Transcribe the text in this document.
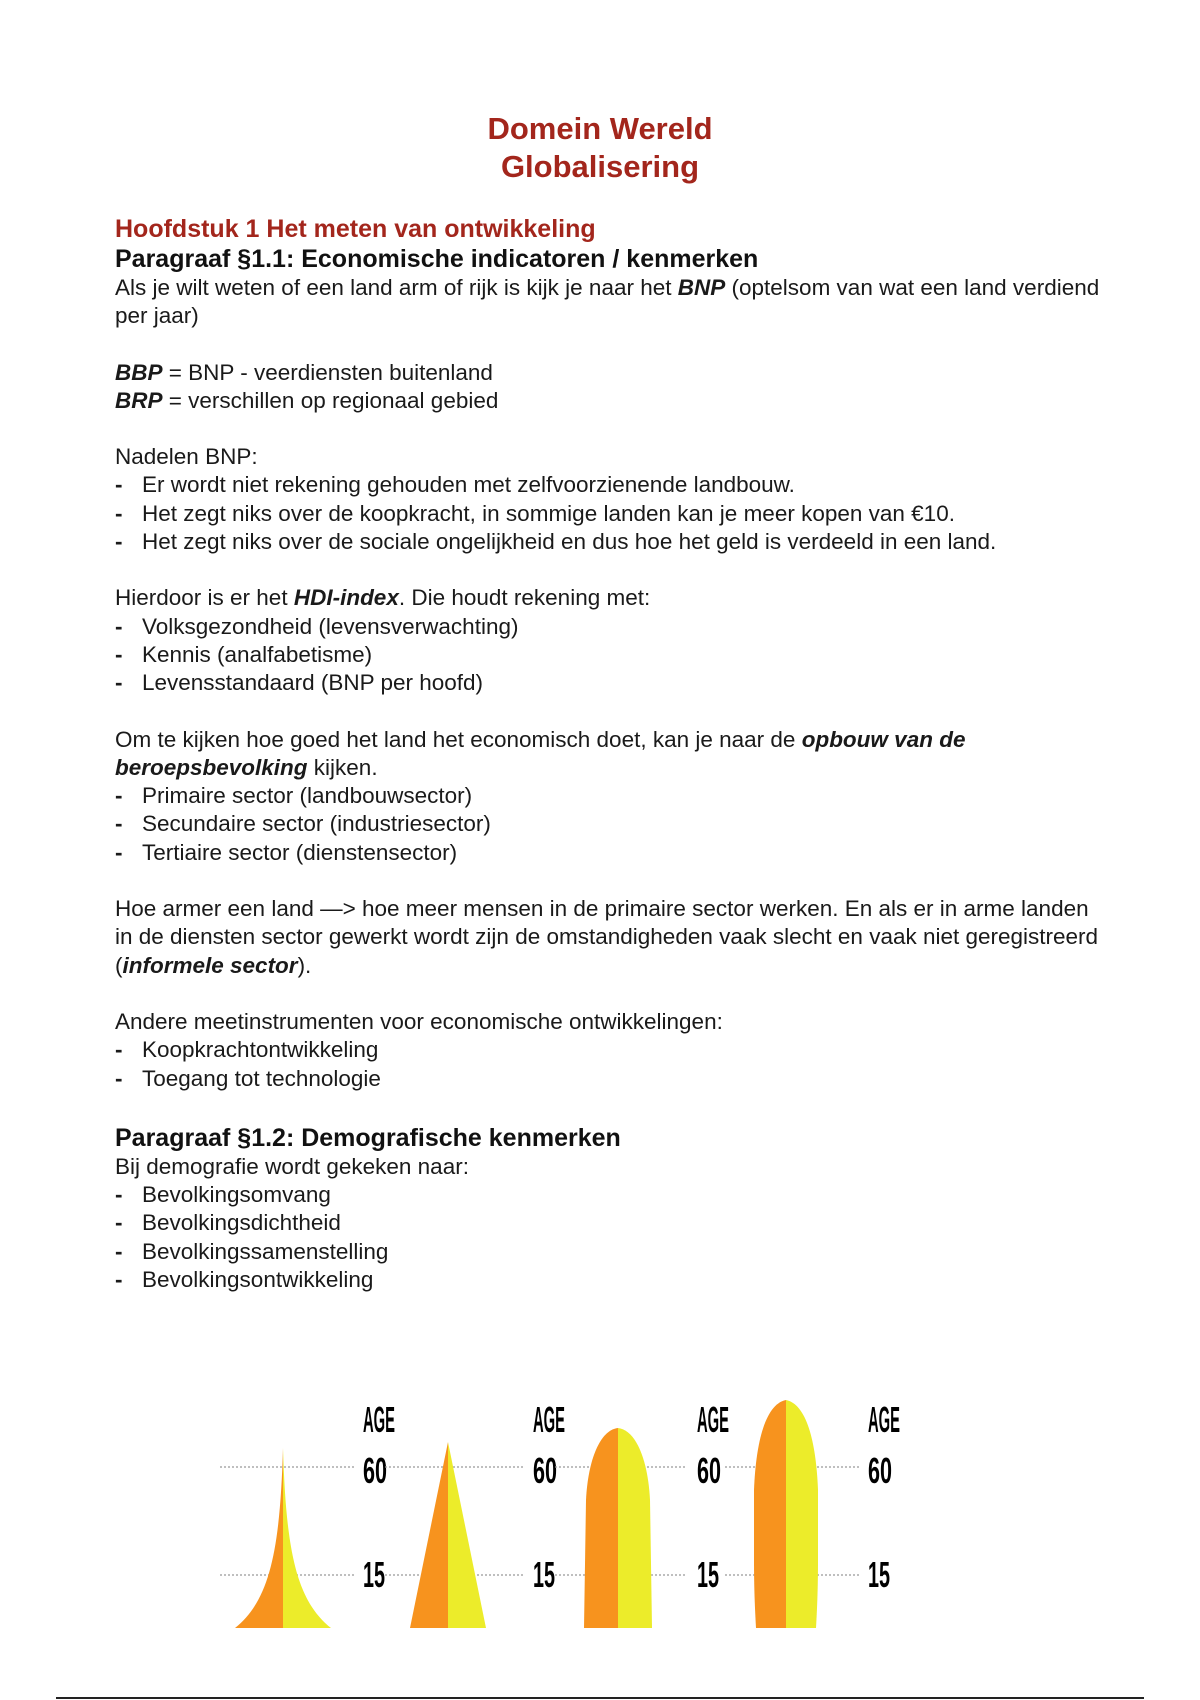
Domein Wereld
Globalisering
Hoofdstuk 1 Het meten van ontwikkeling
Paragraaf §1.1: Economische indicatoren / kenmerken

Als je wilt weten of een land arm of rijk is kijk je naar het BNP (optelsom van wat een land verdiend per jaar)

BBP = BNP - veerdiensten buitenland

BRP = verschillen op regionaal gebied

Nadelen BNP:

- Er wordt niet rekening gehouden met zelfvoorzienende landbouw.
- Het zegt niks over de koopkracht, in sommige landen kan je meer kopen van €10.
- Het zegt niks over de sociale ongelijkheid en dus hoe het geld is verdeeld in een land.

Hierdoor is er het HDI-index. Die houdt rekening met:

- Volksgezondheid (levensverwachting)
- Kennis (analfabetisme)
- Levensstandaard (BNP per hoofd)

Om te kijken hoe goed het land het economisch doet, kan je naar de opbouw van de beroepsbevolking kijken.

- Primaire sector (landbouwsector)
- Secundaire sector (industriesector)
- Tertiaire sector (dienstensector)

Hoe armer een land —> hoe meer mensen in de primaire sector werken. En als er in arme landen in de diensten sector gewerkt wordt zijn de omstandigheden vaak slecht en vaak niet geregistreerd (informele sector).

Andere meetinstrumenten voor economische ontwikkelingen:

- Koopkrachtontwikkeling
- Toegang tot technologie
Paragraaf §1.2: Demografische kenmerken

Bij demografie wordt gekeken naar:

- Bevolkingsomvang
- Bevolkingsdichtheid
- Bevolkingssamenstelling
- Bevolkingsontwikkeling
AGE
60
15
AGE
60
15
AGE
60
15
AGE
60
15
